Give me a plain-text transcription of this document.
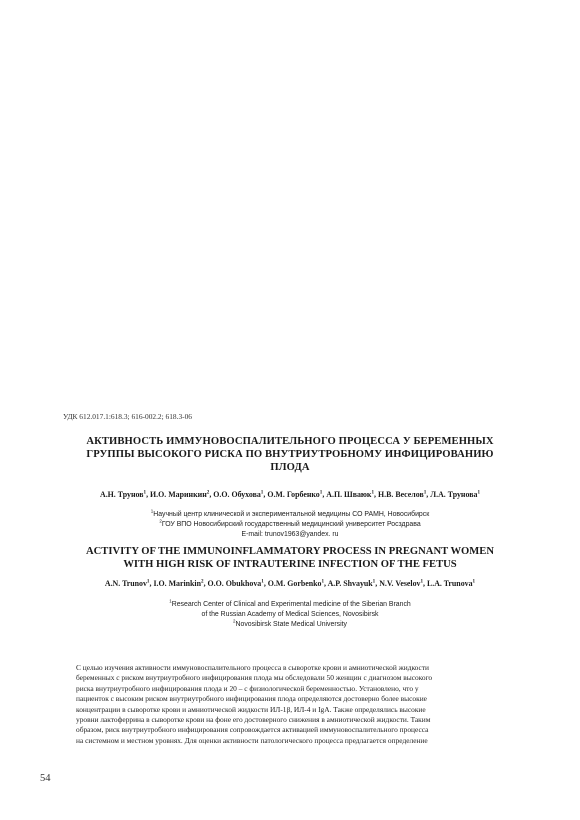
УДК 612.017.1:618.3; 616-002.2; 618.3-06
АКТИВНОСТЬ ИММУНОВОСПАЛИТЕЛЬНОГО ПРОЦЕССА У БЕРЕМЕННЫХ
ГРУППЫ ВЫСОКОГО РИСКА ПО ВНУТРИУТРОБНОМУ ИНФИЦИРОВАНИЮ
ПЛОДА
А.Н. Трунов$^1$, И.О. Маринкин$^2$, О.О. Обухова$^1$, О.М. Горбенко$^1$, А.П. Шваюк$^1$, Н.В. Веселов$^1$, Л.А. Трунова$^1$
$^1$Научный центр клинической и экспериментальной медицины СО РАМН, Новосибирск
$^2$ГОУ ВПО Новосибирский государственный медицинский университет Росздрава
E-mail: trunov1963@yandex. ru
ACTIVITY OF THE IMMUNOINFLAMMATORY PROCESS IN PREGNANT WOMEN
WITH HIGH RISK OF INTRAUTERINE INFECTION OF THE FETUS
A.N. Trunov$^1$, I.O. Marinkin$^2$, O.O. Obukhova$^1$, O.M. Gorbenko$^1$, A.P. Shvayuk$^1$, N.V. Veselov$^1$, L.A. Trunova$^1$
$^1$Research Center of Clinical and Experimental medicine of the Siberian Branch
of the Russian Academy of Medical Sciences, Novosibirsk
$^2$Novosibirsk State Medical University
С целью изучения активности иммуновоспалительного процесса в сыворотке крови и амниотической жидкости
беременных с риском внутриутробного инфицирования плода мы обследовали 50 женщин с диагнозом высокого
риска внутриутробного инфицирования плода и 20 – с физиологической беременностью. Установлено, что у
пациенток с высоким риском внутриутробного инфицирования плода определяются достоверно более высокие
концентрации в сыворотке крови и амниотической жидкости ИЛ-1β, ИЛ-4 и IgA. Также определялись высокие
уровни лактоферрина в сыворотке крови на фоне его достоверного снижения в амниотической жидкости. Таким
образом, риск внутриутробного инфицирования сопровождается активацией иммуновоспалительного процесса
на системном и местном уровнях. Для оценки активности патологического процесса предлагается определение
54
